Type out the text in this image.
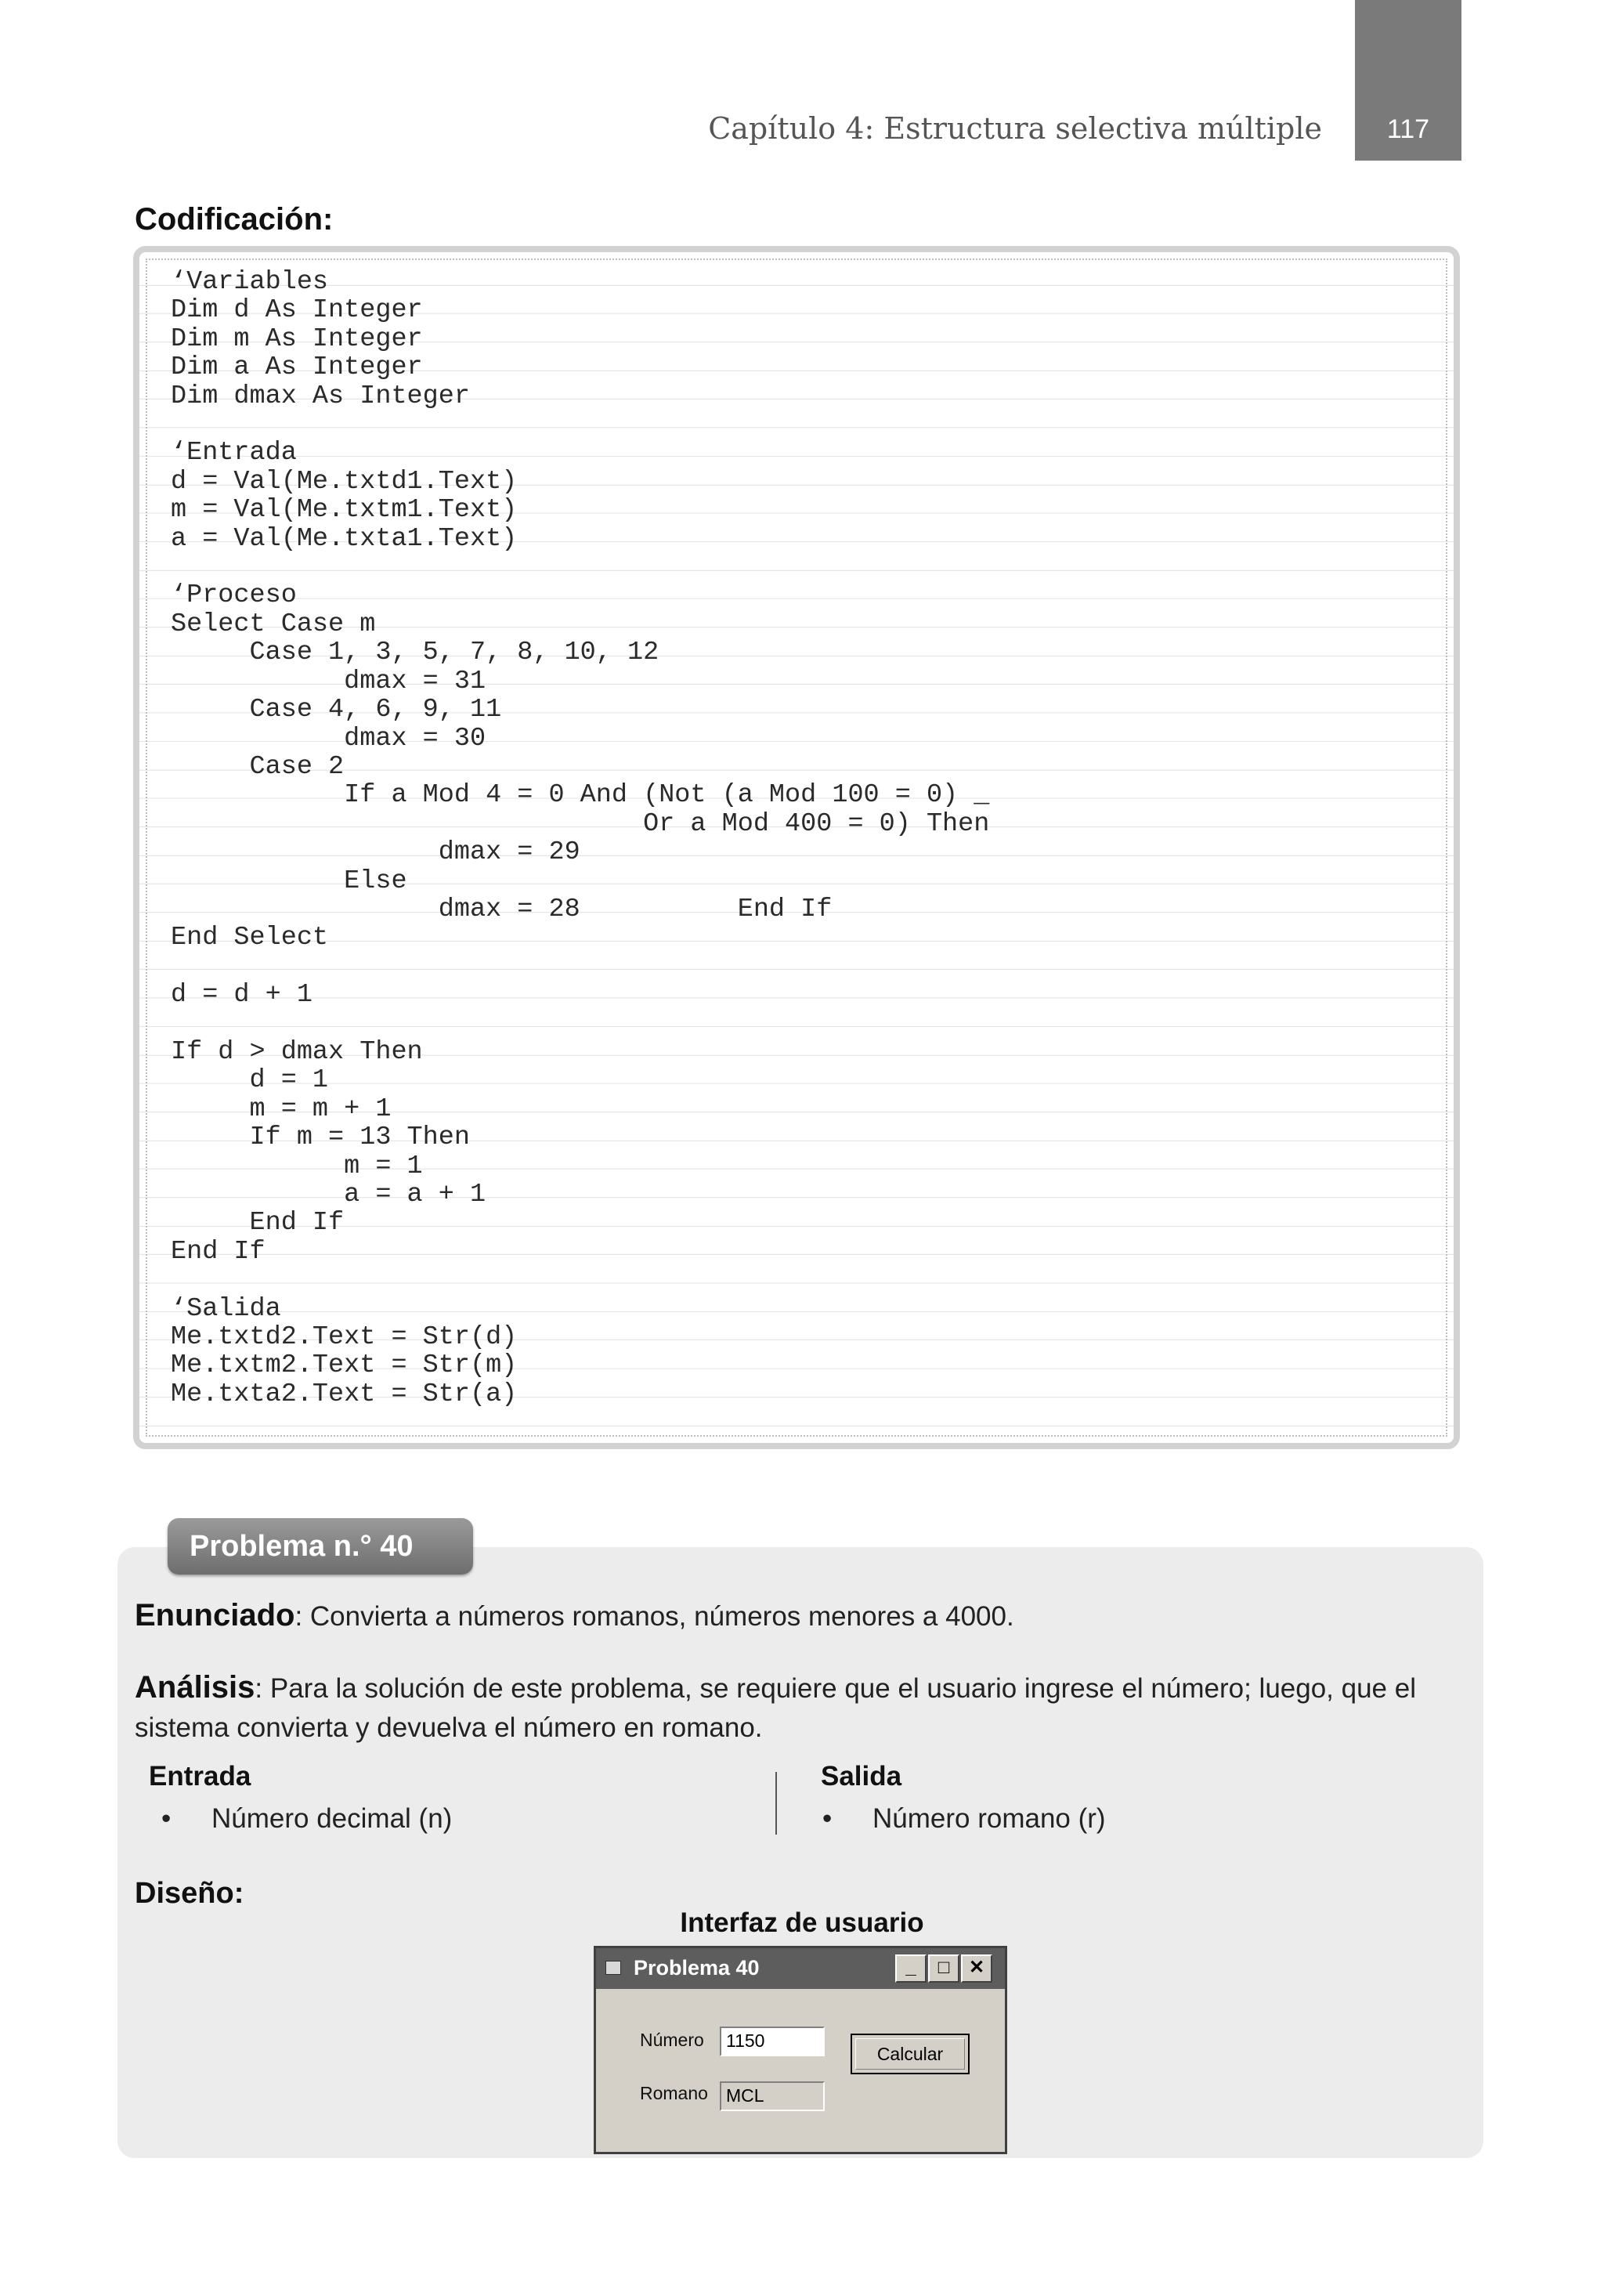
Capítulo 4: Estructura selectiva múltiple	117
Codificación:
‘Variables
Dim d As Integer
Dim m As Integer
Dim a As Integer
Dim dmax As Integer

‘Entrada
d = Val(Me.txtd1.Text)
m = Val(Me.txtm1.Text)
a = Val(Me.txta1.Text)

‘Proceso
Select Case m
Case 1, 3, 5, 7, 8, 10, 12
dmax = 31
Case 4, 6, 9, 11
dmax = 30
Case 2
If a Mod 4 = 0 And (Not (a Mod 100 = 0) _
Or a Mod 400 = 0) Then
dmax = 29
Else
dmax = 28          End If
End Select

d = d + 1

If d > dmax Then
d = 1
m = m + 1
If m = 13 Then
m = 1
a = a + 1
End If
End If

‘Salida
Me.txtd2.Text = Str(d)
Me.txtm2.Text = Str(m)
Me.txta2.Text = Str(a)
Problema n.° 40
Enunciado: Convierta a números romanos, números menores a 4000.
Análisis: Para la solución de este problema, se requiere que el usuario ingrese el número; luego, que el
sistema convierta y devuelva el número en romano.
Entrada
• Número decimal (n)
Salida
• Número romano (r)
Diseño:
Interfaz de usuario
Problema 40	_	□	✕
Número	1150
Calcular
Romano	MCL
